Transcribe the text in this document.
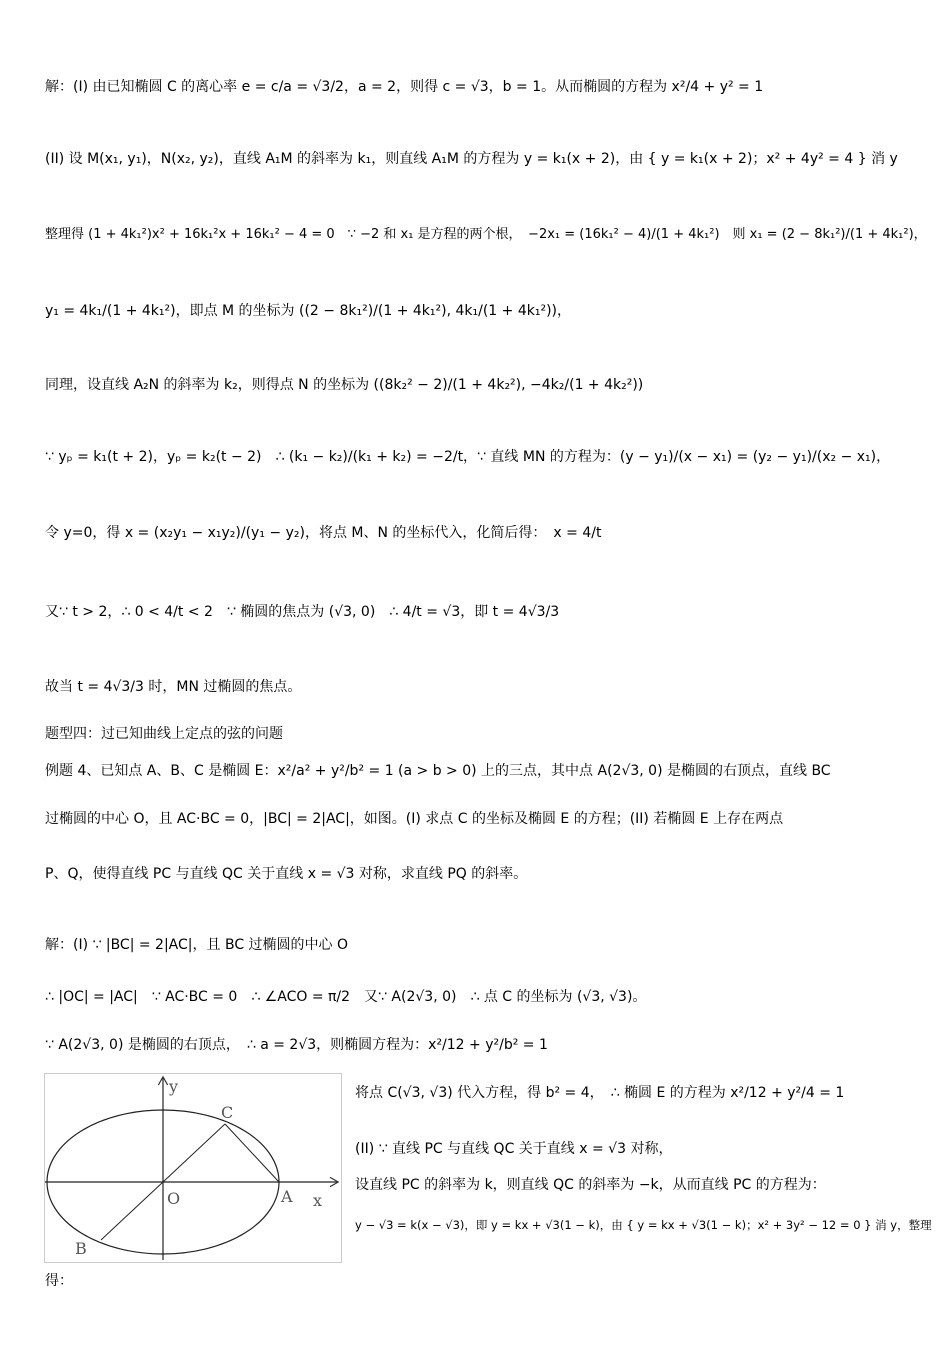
解：(I) 由已知椭圆 C 的离心率 e = c/a = √3/2，a = 2，则得 c = √3，b = 1。从而椭圆的方程为 x²/4 + y² = 1
(II) 设 M(x₁, y₁)，N(x₂, y₂)，直线 A₁M 的斜率为 k₁，则直线 A₁M 的方程为 y = k₁(x + 2)，由 { y = k₁(x + 2)；x² + 4y² = 4 } 消 y
整理得 (1 + 4k₁²)x² + 16k₁²x + 16k₁² − 4 = 0　∵ −2 和 x₁ 是方程的两个根，　−2x₁ = (16k₁² − 4)/(1 + 4k₁²)　则 x₁ = (2 − 8k₁²)/(1 + 4k₁²)，
y₁ = 4k₁/(1 + 4k₁²)，即点 M 的坐标为 ((2 − 8k₁²)/(1 + 4k₁²), 4k₁/(1 + 4k₁²))，
同理，设直线 A₂N 的斜率为 k₂，则得点 N 的坐标为 ((8k₂² − 2)/(1 + 4k₂²), −4k₂/(1 + 4k₂²))
∵ yₚ = k₁(t + 2)，yₚ = k₂(t − 2)　∴ (k₁ − k₂)/(k₁ + k₂) = −2/t，∵ 直线 MN 的方程为：(y − y₁)/(x − x₁) = (y₂ − y₁)/(x₂ − x₁)，
令 y=0，得 x = (x₂y₁ − x₁y₂)/(y₁ − y₂)，将点 M、N 的坐标代入，化简后得：　x = 4/t
又∵ t > 2，∴ 0 < 4/t < 2　∵ 椭圆的焦点为 (√3, 0)　∴ 4/t = √3，即 t = 4√3/3
故当 t = 4√3/3 时，MN 过椭圆的焦点。
题型四：过已知曲线上定点的弦的问题
例题 4、已知点 A、B、C 是椭圆 E：x²/a² + y²/b² = 1 (a > b > 0) 上的三点，其中点 A(2√3, 0) 是椭圆的右顶点，直线 BC
过椭圆的中心 O，且 AC·BC = 0，|BC| = 2|AC|，如图。(I) 求点 C 的坐标及椭圆 E 的方程；(II) 若椭圆 E 上存在两点
P、Q，使得直线 PC 与直线 QC 关于直线 x = √3 对称，求直线 PQ 的斜率。
解：(I) ∵ |BC| = 2|AC|，且 BC 过椭圆的中心 O
∴ |OC| = |AC|　∵ AC·BC = 0　∴ ∠ACO = π/2　又∵ A(2√3, 0)　∴ 点 C 的坐标为 (√3, √3)。
∵ A(2√3, 0) 是椭圆的右顶点，　∴ a = 2√3，则椭圆方程为：x²/12 + y²/b² = 1
y
x
O	A
B
C
将点 C(√3, √3) 代入方程，得 b² = 4，　∴ 椭圆 E 的方程为 x²/12 + y²/4 = 1
(II) ∵ 直线 PC 与直线 QC 关于直线 x = √3 对称，
设直线 PC 的斜率为 k，则直线 QC 的斜率为 −k，从而直线 PC 的方程为：
y − √3 = k(x − √3)，即 y = kx + √3(1 − k)，由 { y = kx + √3(1 − k)；x² + 3y² − 12 = 0 } 消 y，整理
得：
